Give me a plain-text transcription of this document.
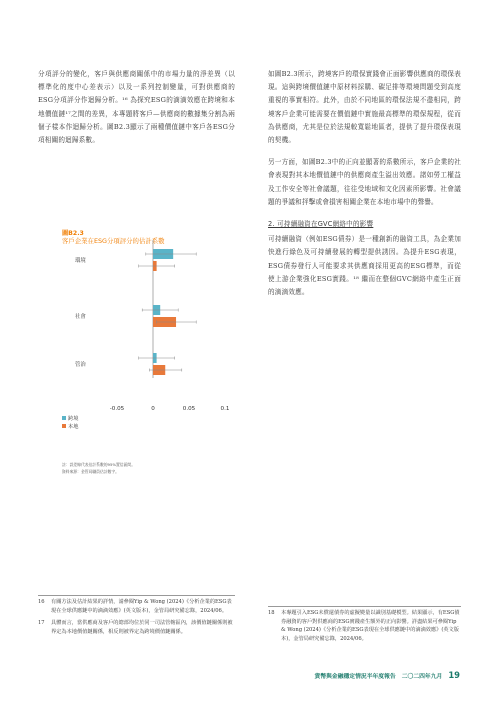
分項評分的變化，客戶與供應商關係中的市場力量的淨差異（以標準化的度中心差表示）以及一系列控制變量，可對供應商的ESG分項評分作迴歸分析。¹⁶ 為探究ESG的滴滴效應在跨境和本地價值鏈¹⁷之間的差異，本專題將客戶—供應商的數據集分割為兩個子樣本作迴歸分析。圖B2.3顯示了兩種價值鏈中客戶各ESG分項相關的迴歸系數。

圖B2.3
客戶企業在ESG分項評分的估計系數
環境
社會
管治
-0.05	0	0.05	0.1
跨境
本地
註：誤差線代表估計系數的95%置信區間。
資料來源：金管局職員估計數字。

如圖B2.3所示，跨境客戶的環保實踐會正面影響供應商的環保表現。這與跨境價值鏈中原材料採購、碳足排等環境問題受到高度重視的事實相符。此外，由於不同地區的環保法規不盡相同，跨境客戶企業可能需要在價值鏈中實施最高標準的環保規程，從而為供應商，尤其是位於法規較寬鬆地區者，提供了提升環保表現的契機。

另一方面，如圖B2.3中的正向並顯著的系數所示，客戶企業的社會表現對其本地價值鏈中的供應商產生溢出效應。諸如勞工權益及工作安全等社會議題，往往受地域和文化因素所影響。社會議題的爭議和抨擊或會損害相關企業在本地市場中的聲譽。

2. 可持續融資在GVC網絡中的影響

可持續融資（例如ESG債券）是一種創新的融資工具，為企業加快進行綠色及可持續發展的轉型提供誘因。為提升ESG表現，ESG債券發行人可能要求其供應商採用更高的ESG標準，而從使上游企業強化ESG實踐。¹⁸ 繼而在整個GVC網絡中產生正面的滴滴效應。

16	有關方法及估計結果的詳情，請參閱Yip & Wong (2024)《分析企業的ESG表現在全球供應鏈中的滴滴效應》(英文版本)，金管局研究備忘錄，2024/06。
17	具體而言，當供應商及客戶的總部均位於同一司法管轄區內，該價值鏈關係則被界定為本地價值鏈關係，相反則被界定為跨境價值鏈關係。
18	本專題引入ESG未償還債券的虛擬變量以識別基礎模型。結果顯示，有ESG債券融資的客戶對供應商的ESG實踐產生額外的正向影響。詳盡結果可參閱Yip & Wong (2024)《分析企業的ESG表現在全球供應鏈中的滴滴效應》(英文版本)，金管局研究備忘錄，2024/06。
貨幣與金融穩定情況半年度報告 二〇二四年九月 19
